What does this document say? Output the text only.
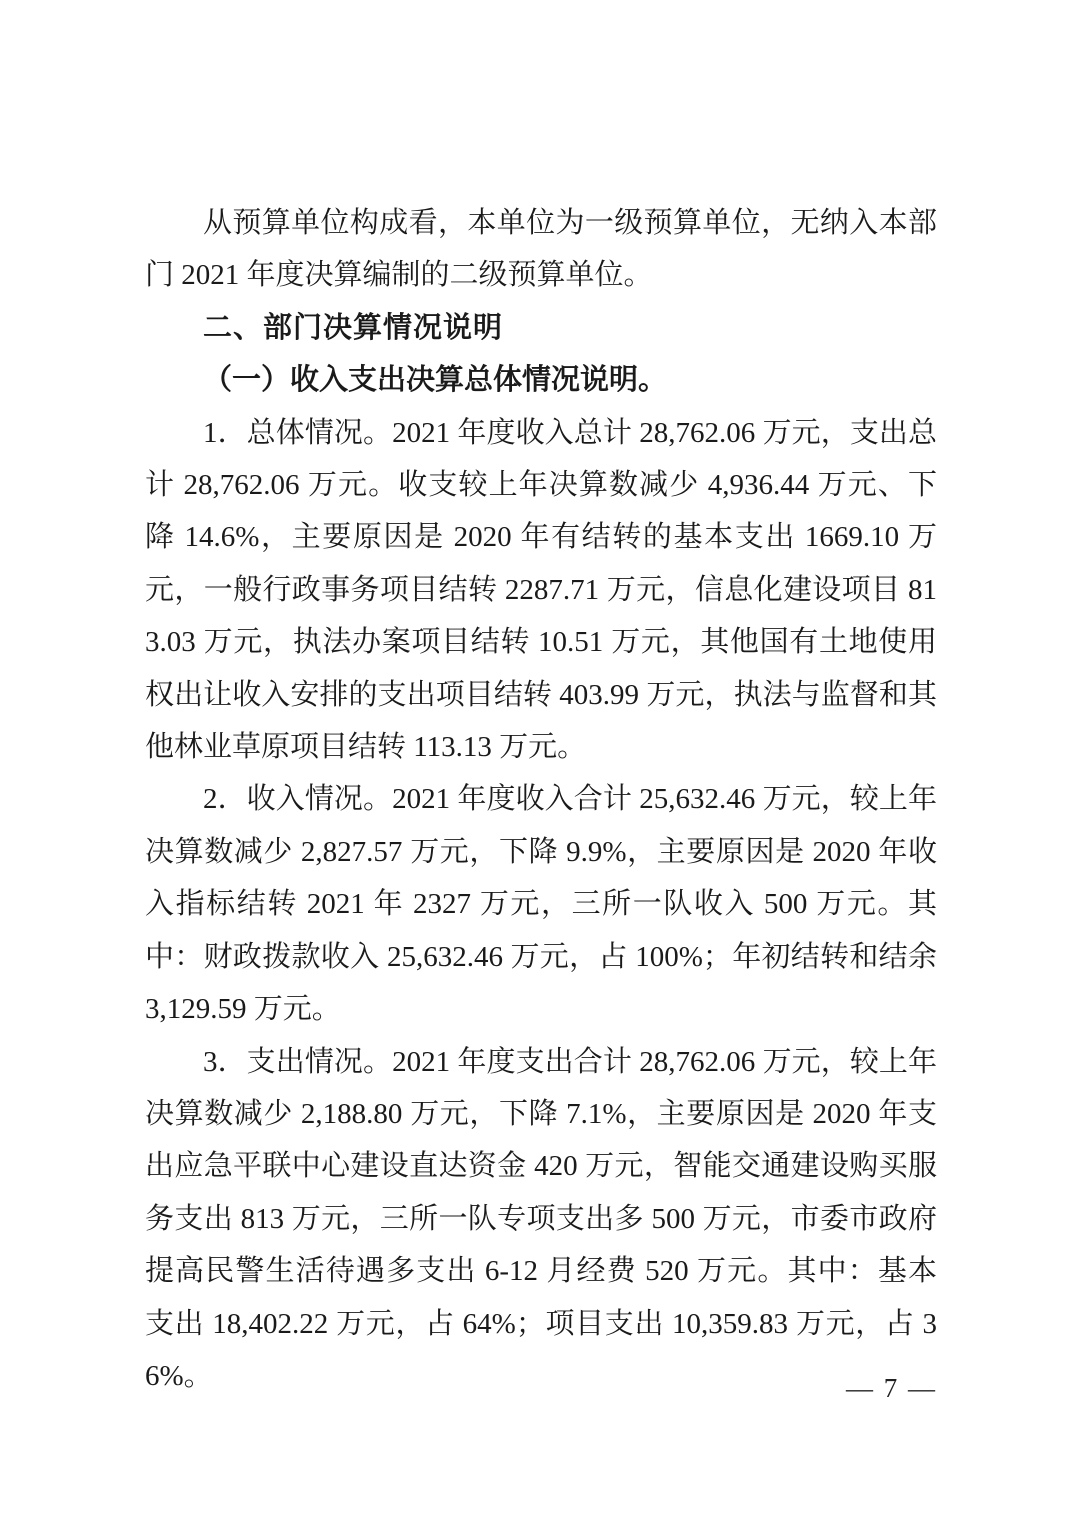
从预算单位构成看，本单位为一级预算单位，无纳入本部门 2021 年度决算编制的二级预算单位。

二、部门决算情况说明

（一）收入支出决算总体情况说明。

1．总体情况。2021 年度收入总计 28,762.06 万元，支出总计 28,762.06 万元。收支较上年决算数减少 4,936.44 万元、下降 14.6%，主要原因是 2020 年有结转的基本支出 1669.10 万元，一般行政事务项目结转 2287.71 万元，信息化建设项目 813.03 万元，执法办案项目结转 10.51 万元，其他国有土地使用权出让收入安排的支出项目结转 403.99 万元，执法与监督和其他林业草原项目结转 113.13 万元。

2．收入情况。2021 年度收入合计 25,632.46 万元，较上年决算数减少 2,827.57 万元，下降 9.9%，主要原因是 2020 年收入指标结转 2021 年 2327 万元，三所一队收入 500 万元。其中：财政拨款收入 25,632.46 万元，占 100%；年初结转和结余 3,129.59 万元。

3．支出情况。2021 年度支出合计 28,762.06 万元，较上年决算数减少 2,188.80 万元，下降 7.1%，主要原因是 2020 年支出应急平联中心建设直达资金 420 万元，智能交通建设购买服务支出 813 万元，三所一队专项支出多 500 万元，市委市政府提高民警生活待遇多支出 6-12 月经费 520 万元。其中：基本支出 18,402.22 万元，占 64%；项目支出 10,359.83 万元，占 36%。	— 7 —
